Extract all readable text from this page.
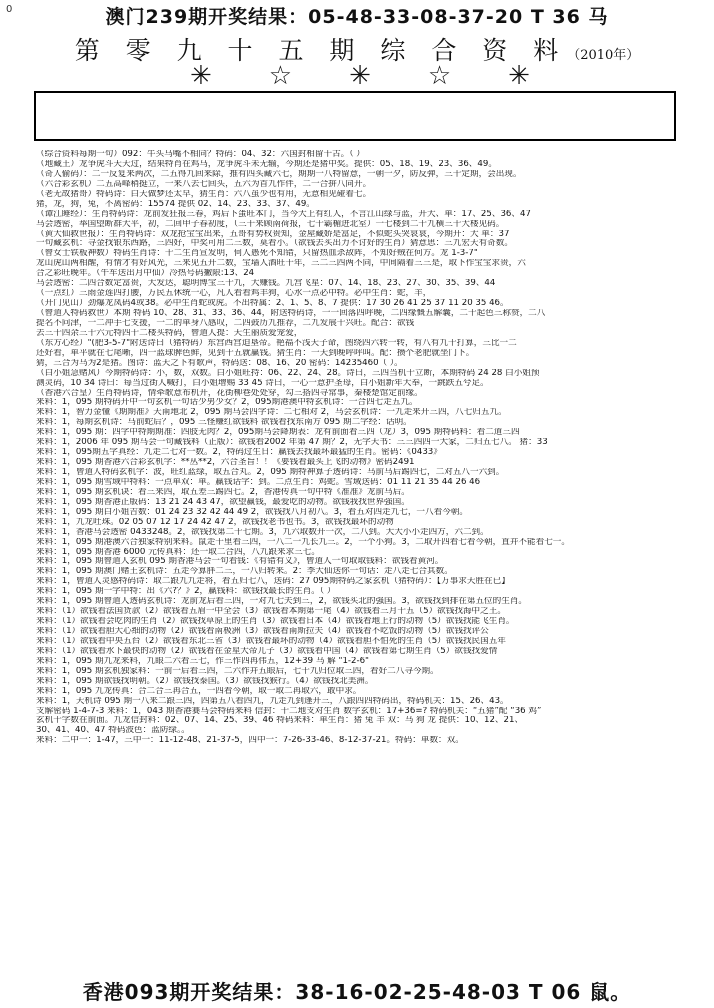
0	澳门239期开奖结果：05-48-33-08-37-20 T 36 马
第 零 九 十 五 期 综 合 资 料（2010年）
✳ ☆ ✳ ☆ ✳
（综合资料每期一句）092：牛头马嘴不相同？特码：04、32：六国封相留千古。（ ）
（地藏王）龙争虎斗天天过，结果特肖在鸡马，龙争虎斗未无输，今期还是猪中奖。提供：05、18、19、23、36、49。
（奇人偷码）：二一反复来两次，二五得九回来除，推有四头藏六七，期期一八特留意，一朝一夕，防反弹，三十定期，会出现。
（六合彩玄机）二五高峰稍挺立，一来八去七回头，五六为首九作伴，二一合拼八同开。
（老无故猪哥）特码诗：白天做梦还太早，猜生肖：六八虽少也有用，无意相见碰着七。
猪，龙，狗，兔，不离密码：15574 提供 02、14、23、33、37、49。
（谭江睡经）：生肖特码诗：龙前发狂报三春，鸡后下蛋旺本门，当今大上有红人，不言江山绿与蓝，开大、单：17、25、36、47
马会透密，举国望断群大平，初，二回甲子春初度，（三千来顾南荷报，七十霸楣进北室）一七楼到二十九横三十大楼见码。
（黄大仙救世报）：生肖特码诗：双龙抢宝宝出来，五哥有势权贵知，金屋藏娇是富足，不似蛇头哭哀哀，今期开：大 单：37
一句藏玄机：寻金找银东西路，三四好，中奖可用二三数，莫看小。（欲钱去买出力不讨好的生肖）猜意思：三九宏天有奇数。
（曾女士铁板神数）特码生肖诗：十二生肖宣发明，何人愚死不知错，只留热血杀敌阵，不知好贼在何方。龙 1-3-7"
龙山虎山两相醒，有情才有好风光，三来见五开二数，宝墙人酒旺千年，三二三四两不同，中间隔着三三是，取下作宝宝求贵，六
合之彩旺晚年。（午车送出月中仙）冷热号码撇限:13、24
马会透密：二四合数定富贵，大发达，聪明博宝三十九，大赚钱。九宫飞星：07、14、18、23、27、30、35、39、44
（一点红）三雨金莲四打腰，万民五休统一心，凡人看看鸡丰狗，心水一点必中特。必中生肖：蛇，羊，
（开门见山）劲爆龙凤码4或38。必中生肖蛇或虎。不出特属：2、1、5、8、7 提供：17 30 26 41 25 37 11 20 35 46。
（曾道人特码救世）本期 特码 10、28、31、33、36、44，附送特码诗，一一回落四呼晚，二四缘慨五解囊，二十起色三称赞，二八
提名不问津，一二冲手七支援，一二的单身八感叹，二四鼓历九推荐，二九发展十兴旺。配合：欲钱
去三十四余三十六元特四十二楼买特码，曾道人提：天生丽质爱宠爱，
（东方心经）"(肥3-5-7"附送诗曰（猪特码）东宫西宫迫垦帝。艳福不浅天子命，图绕四六转一转，有八有九十打算，三比一二
还好看，单平就在七尾晰，四一蓝球脾色鲜，见到十五就赢钱。猜生肖：一天到晚呼呼叫。配：攒个老肥就坐门下。
猜，三合为马为2是猪。图诗：蓝天之下有歌声，特码送：08、16、20 密码：14235460（ ）。
（白小姐急赌风）今期特码诗：小，数，双数。白小姐旺持：06、22、24、28。诗曰，三四当机十立断，本期特码 24 28 白小姐预
测灵码，10 34 诗曰：每当过街人喊打，白小姐增赐 33 45 诗曰，一心一意护圣母，白小姐新年大奉，一跳跌五兮足。
（香港六合皇）生肖特码诗，情牵歌意布机开，花街柳巷处处穿，勾三搭四寻常事，秦楼楚馆定前缘。
来料：1，095 期特码开中一句玄机一句话少男少女？2，095期港澳中特玄机诗：一合四七走五九。
来料：1，智力金懂《期期准》天南地北 2，095 期马会四字诗：二七相对 2，马会玄机诗：一九走来开三四，八七归五九。
来料：1，每期玄机诗：马前蛇后？，095 三怪赚红欲钱料 欲钱看找东南方 095 期二字经：话明。
来料：1，095 期：四字中特期期准：四肢无肉？2，095期马会降期表：龙有前面看三四（龙）3，095 期特码料：看二道三四
来料：1，2006 年 095 期马会一句藏钱料（正版）：欲钱看2002 年第 47 期？2，无字天书：三三四四一大家，二归五七八。 猪：33
来料：1，095期五字真经：九走二七对一数。2，特码过生日：赢钱去找最坏最猛的生肖。密码：《0433》
来料：1，095 期香港六合彩玄机字：**丛**2，六合圣旨！！《要钱看最头上飞的动物》密码2491
来料：1，曾道人特码玄机字：波，旺红蓝绿，取五合丸。2，095 期特神算子透码诗：马前马后踢四七，二对五八一六到。
来料：1，095 期雪域中特料：一点单双：单。赢钱话字：到。二点生肖：鸡蛇。雪域送码：01 11 21 35 44 26 46
来料：1，095 期玄机诀：看三来四，取五差三踢四七。2，香港传真一句中特《准准》龙前马后。
来料：1，095 期香港正版码：13 21 24 43 47，欲望赢钱，最爱吃的动物。欲钱我找世界强国。
来料：1，095 期白小姐吉数：01 24 23 32 42 44 49 2，欲钱找八月初八。3，看五对四走九七，一八看今朝。
来料：1，九龙吐珠。02 05 07 12 17 24 42 47 2，欲钱找老书也书。3，欲钱找最坏的动物
来料：1，香港马会透密 0433248。2，欲钱找第二十七期。3，九六取数开一次，二八到。大大小小走四方，六二到。
来料：1，095 期港澳六合独家特别来料。鼠走千里看三四，一八二一九长九三。2，一个小狗。3，二取开四看七看今朝，直并不能看七一。
来料：1，095 期香港 6000 元传真料：还一取二合四，八九跟来求三七。
来料：1，095 期曾道人玄机 095 期香港马会一句看钱：《有错有义》，曾道人一句取取钱料：欲钱看黄河。
来料：1，095 期澳门赌王玄机诗：五走今算胖二三，一八归转来。2：李大仙送你一句话：走八走七合其数。
来料：1，曾道人灵感特码诗：取二跟九九走将，看五归七八，送码：27 095期特码之家玄机（猪特码）：【万事求天胜在已】
来料：1，095 期一字中特：出《六?？》2，赢钱料：欲钱找最长的生肖。（ ）
来料：1，095 期曾道人透码玄机诗：龙前龙后看三四，一对九七夫到三，2，欲钱买北的强国。3，欲钱找到排在第五位的生肖。
来料：（1）欲钱看法国货款（2）欲钱看五眉一中全会（3）欲钱看本期第一尾（4）欲钱看三月十五（5）欲钱找海中之王。
来料：（1）欲钱看会吃肉的生肖（2）欲钱找草原上的生肖（3）欲钱看日本（4）欲钱看地上行的动物（5）欲钱找能飞生肖。
来料：（1）欲钱看胆大心细的动物（2）欲钱看南极洲（3）欲钱看南斯拉夫（4）欲钱看不吃饭的动物（5）欲钱找评公
来料：（1）欲钱看中央五台（2）欲钱看东北三省（3）欲钱看最坏的动物（4）欲钱看胆不怕死的生肖（5）欲钱找民国五年
来料：（1）欲钱看水下最快的动物（2）欲钱看在金星大帝儿子（3）欲钱看中国（4）欲钱看第七期生肖（5）欲钱找爱情
来料：1，095 期九龙来料，九眼二六看三七，作三作四再伟五，12+39 马 解 "1-2-6"
来料：1，095 期玄机独家料：一前一后看三四，二六作并五眼后，七十九归位取三四，看好二八寻今期。
来料：1，095 期欲钱找明朝。（2）欲钱找泰国。（3）欲钱找猴行。（4）欲钱找北美洲。
来料：1，095 九龙传真：合二合三再合五，一四看今朝，取一取二再取六，敢中求。
来料：1，天机诗 095 期一八来二跟三四，四第五八看四九，九走九到逢开三，八跟四四特码出，特码机关：15、26、43。
支解密码 1-4-7-3 来料：1，043 期香港赛马会特码来料 信封：十二地支对生肖 数字玄机：17+36=? 特码机关：“五猪”配 “36 鸡”
玄机十字数在前面。九龙信封料：02、07、14、25、39、46 特码来料：单生肖：猪 兔 羊 双：马 狗 龙 提供：10、12、21、
30、41、40、47 特码波色：蓝防绿。。
来料：二中一：1-47，三中一：11-12-48、21-37-5，四中一：7-26-33-46、8-12-37-21。特码：单数：双。
香港093期开奖结果：38-16-02-25-48-03 T 06 鼠。
